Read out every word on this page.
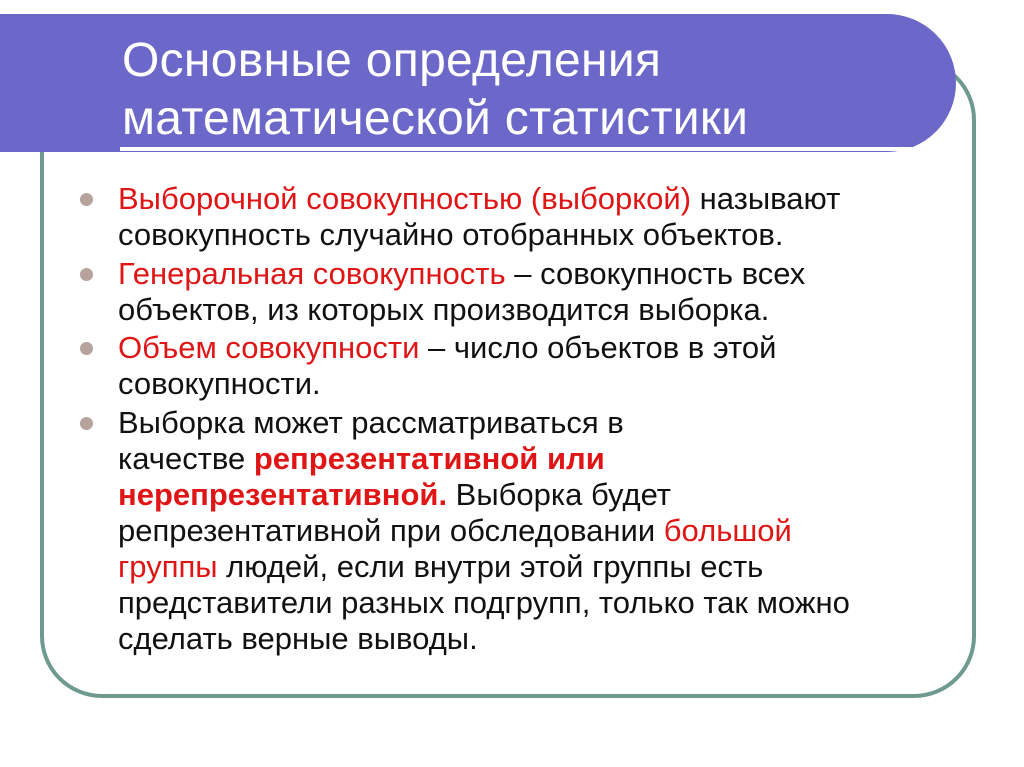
Основные определения
математической статистики
Выборочной совокупностью (выборкой) называют
совокупность случайно отобранных объектов.
Генеральная совокупность – совокупность всех
объектов, из которых производится выборка.
Объем совокупности – число объектов в этой
совокупности.
Выборка может рассматриваться в
качестве репрезентативной или
нерепрезентативной. Выборка будет
репрезентативной при обследовании большой
группы людей, если внутри этой группы есть
представители разных подгрупп, только так можно
сделать верные выводы.
